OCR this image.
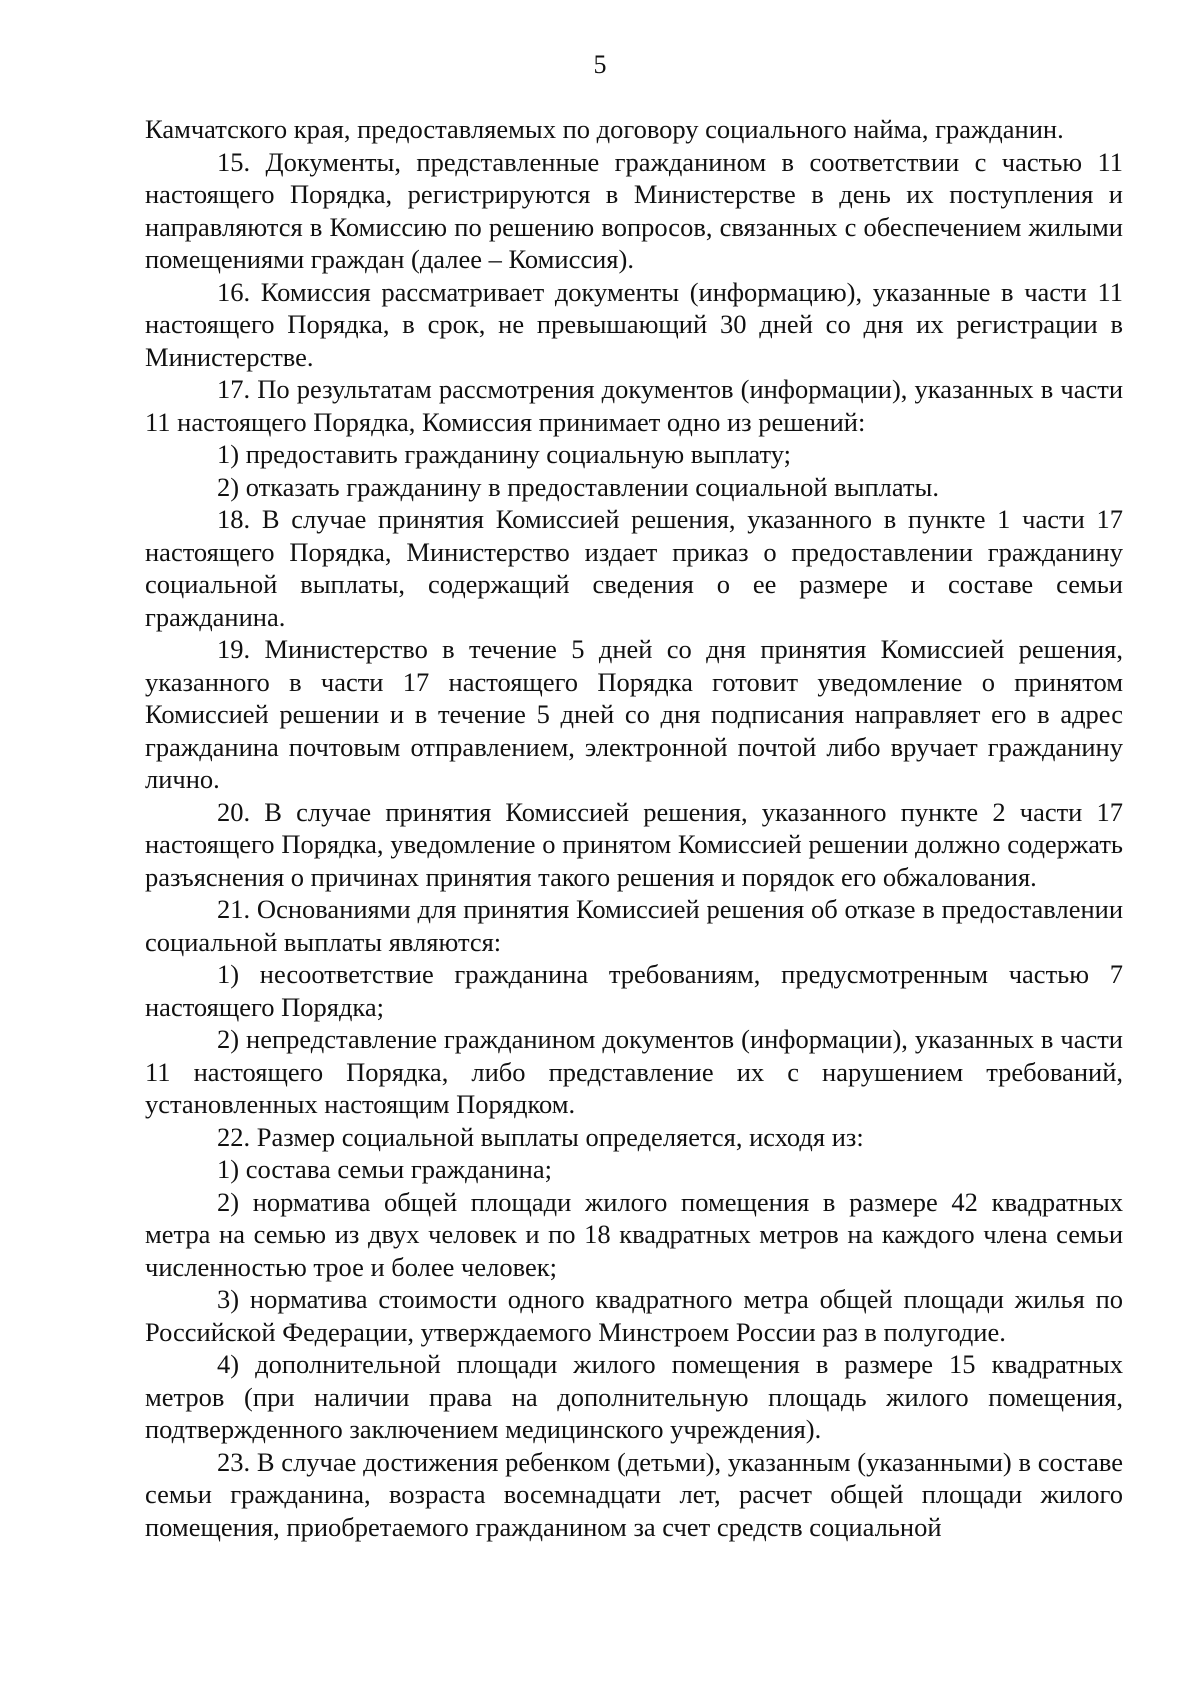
5

Камчатского края, предоставляемых по договору социального найма, гражданин.

15. Документы, представленные гражданином в соответствии с частью 11 настоящего Порядка, регистрируются в Министерстве в день их поступления и направляются в Комиссию по решению вопросов, связанных с обеспечением жилыми помещениями граждан (далее – Комиссия).

16. Комиссия рассматривает документы (информацию), указанные в части 11 настоящего Порядка, в срок, не превышающий 30 дней со дня их регистрации в Министерстве.

17. По результатам рассмотрения документов (информации), указанных в части 11 настоящего Порядка, Комиссия принимает одно из решений:

1) предоставить гражданину социальную выплату;

2) отказать гражданину в предоставлении социальной выплаты.

18. В случае принятия Комиссией решения, указанного в пункте 1 части 17 настоящего Порядка, Министерство издает приказ о предоставлении гражданину социальной выплаты, содержащий сведения о ее размере и составе семьи гражданина.

19. Министерство в течение 5 дней со дня принятия Комиссией решения, указанного в части 17 настоящего Порядка готовит уведомление о принятом Комиссией решении и в течение 5 дней со дня подписания направляет его в адрес гражданина почтовым отправлением, электронной почтой либо вручает гражданину лично.

20. В случае принятия Комиссией решения, указанного пункте 2 части 17 настоящего Порядка, уведомление о принятом Комиссией решении должно содержать разъяснения о причинах принятия такого решения и порядок его обжалования.

21. Основаниями для принятия Комиссией решения об отказе в предоставлении социальной выплаты являются:

1) несоответствие гражданина требованиям, предусмотренным частью 7 настоящего Порядка;

2) непредставление гражданином документов (информации), указанных в части 11 настоящего Порядка, либо представление их с нарушением требований, установленных настоящим Порядком.

22. Размер социальной выплаты определяется, исходя из:

1) состава семьи гражданина;

2) норматива общей площади жилого помещения в размере 42 квадратных метра на семью из двух человек и по 18 квадратных метров на каждого члена семьи численностью трое и более человек;

3) норматива стоимости одного квадратного метра общей площади жилья по Российской Федерации, утверждаемого Минстроем России раз в полугодие.

4) дополнительной площади жилого помещения в размере 15 квадратных метров (при наличии права на дополнительную площадь жилого помещения, подтвержденного заключением медицинского учреждения).

23. В случае достижения ребенком (детьми), указанным (указанными) в составе семьи гражданина, возраста восемнадцати лет, расчет общей площади жилого помещения, приобретаемого гражданином за счет средств социальной
